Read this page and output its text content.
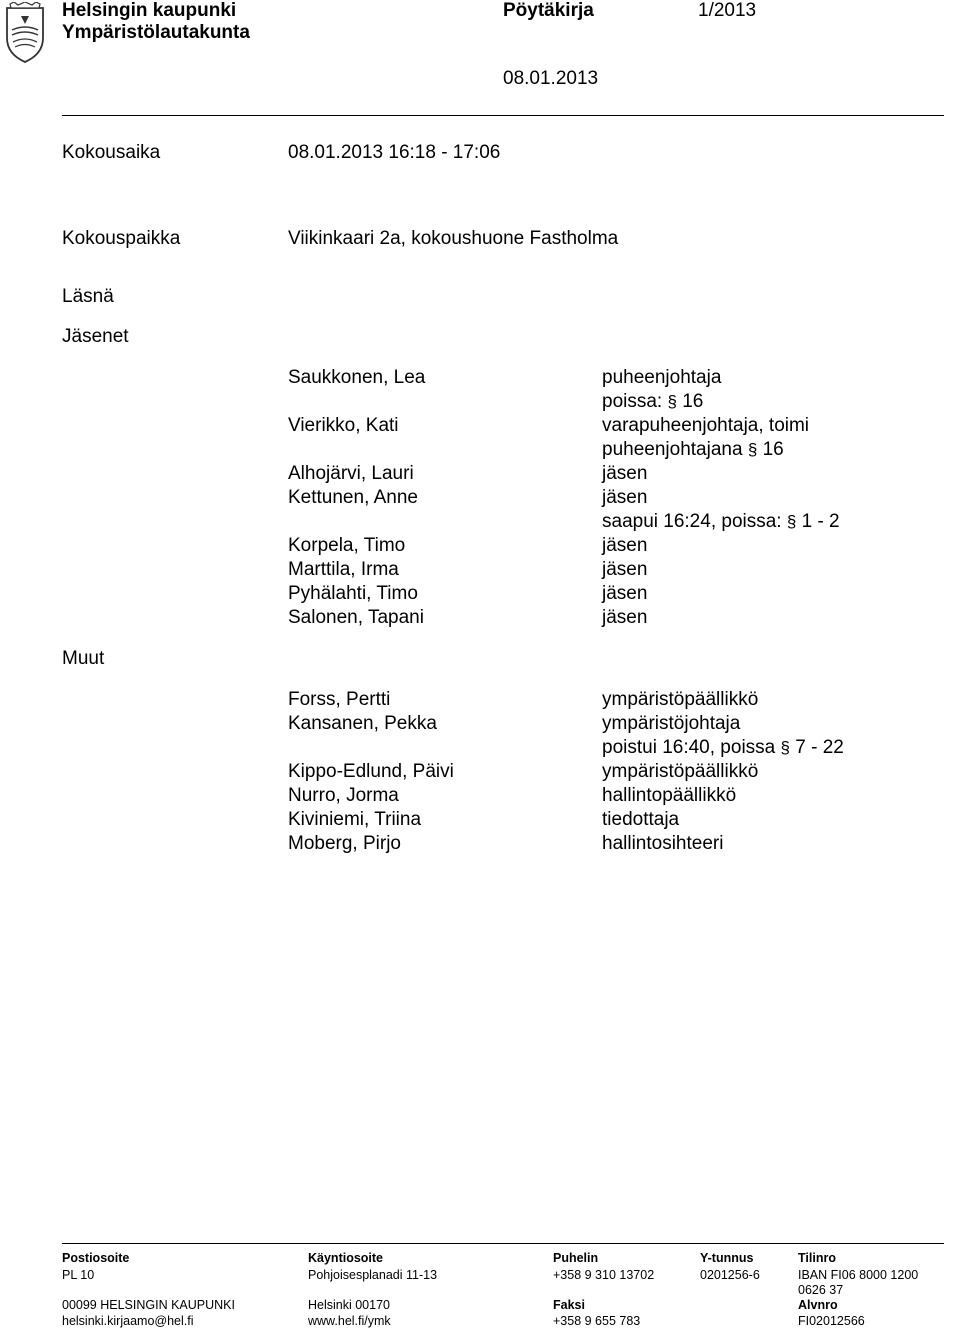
Helsingin kaupunki
Ympäristölautakunta
Pöytäkirja	1/2013
08.01.2013
Kokousaika	08.01.2013 16:18 - 17:06
Kokouspaikka	Viikinkaari 2a, kokoushuone Fastholma
Läsnä
Jäsenet
Saukkonen, Lea	puheenjohtaja
poissa: § 16
Vierikko, Kati	varapuheenjohtaja, toimi
puheenjohtajana § 16
Alhojärvi, Lauri	jäsen
Kettunen, Anne	jäsen
saapui 16:24, poissa: § 1 - 2
Korpela, Timo	jäsen
Marttila, Irma	jäsen
Pyhälahti, Timo	jäsen
Salonen, Tapani	jäsen
Muut
Forss, Pertti	ympäristöpäällikkö
Kansanen, Pekka	ympäristöjohtaja
poistui 16:40, poissa § 7 - 22
Kippo-Edlund, Päivi	ympäristöpäällikkö
Nurro, Jorma	hallintopäällikkö
Kiviniemi, Triina	tiedottaja
Moberg, Pirjo	hallintosihteeri
Postiosoite
PL 10
00099 HELSINGIN KAUPUNKI
helsinki.kirjaamo@hel.fi
Käyntiosoite
Pohjoisesplanadi 11-13
Helsinki 00170
www.hel.fi/ymk
Puhelin
+358 9 310 13702
Faksi
+358 9 655 783
Y-tunnus
0201256-6
Tilinro
IBAN FI06 8000 1200
0626 37
Alvnro
FI02012566
